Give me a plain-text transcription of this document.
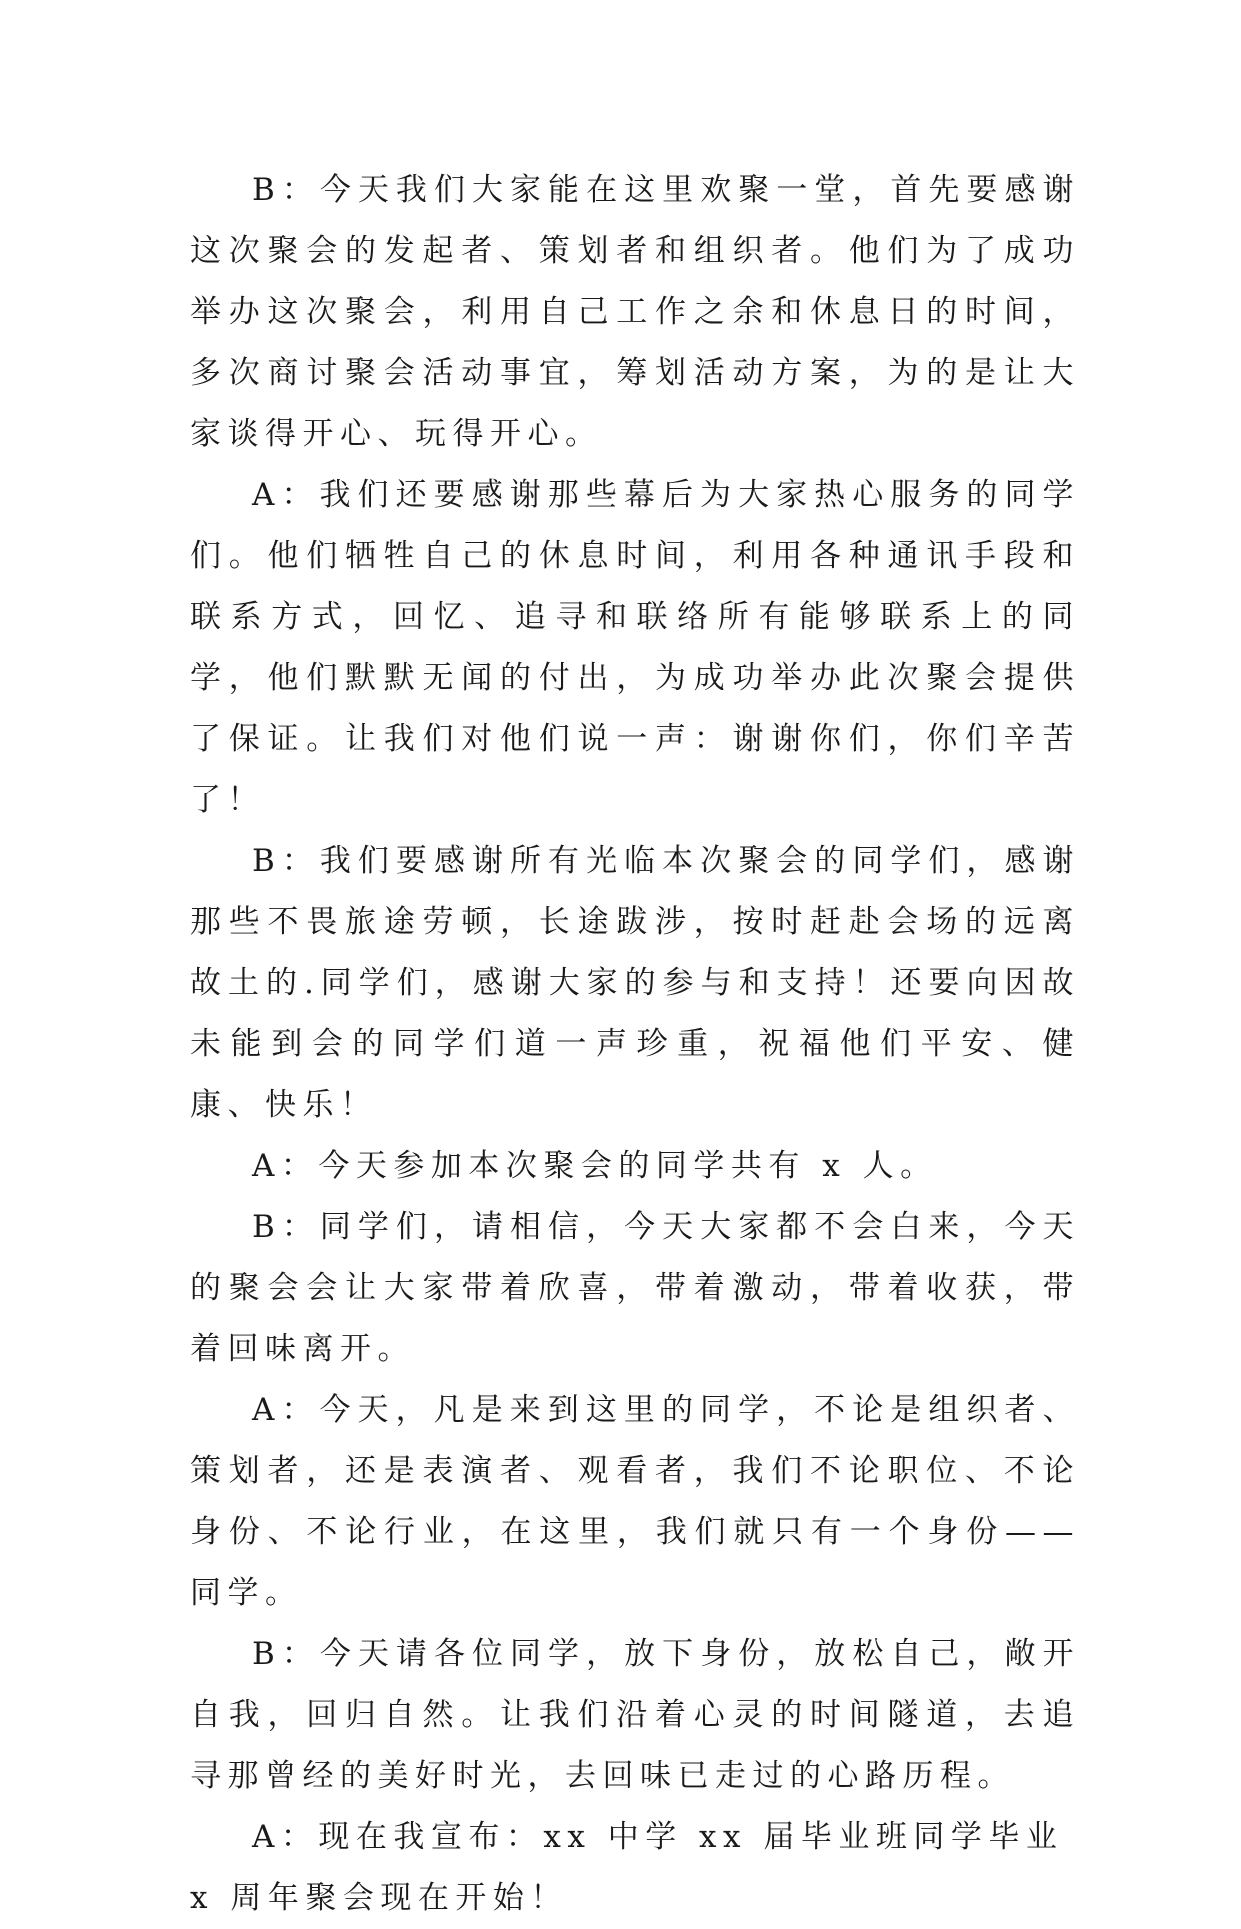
B：今天我们大家能在这里欢聚一堂，首先要感谢这次聚会的发起者、策划者和组织者。他们为了成功举办这次聚会，利用自己工作之余和休息日的时间，多次商讨聚会活动事宜，筹划活动方案，为的是让大家谈得开心、玩得开心。

A：我们还要感谢那些幕后为大家热心服务的同学们。他们牺牲自己的休息时间，利用各种通讯手段和联系方式，回忆、追寻和联络所有能够联系上的同学，他们默默无闻的付出，为成功举办此次聚会提供了保证。让我们对他们说一声：谢谢你们，你们辛苦了！

B：我们要感谢所有光临本次聚会的同学们，感谢那些不畏旅途劳顿，长途跋涉，按时赶赴会场的远离故土的.同学们，感谢大家的参与和支持！还要向因故未能到会的同学们道一声珍重，祝福他们平安、健康、快乐！

A：今天参加本次聚会的同学共有 x 人。

B：同学们，请相信，今天大家都不会白来，今天的聚会会让大家带着欣喜，带着激动，带着收获，带着回味离开。

A：今天，凡是来到这里的同学，不论是组织者、策划者，还是表演者、观看者，我们不论职位、不论身份、不论行业，在这里，我们就只有一个身份——同学。

B：今天请各位同学，放下身份，放松自己，敞开自我，回归自然。让我们沿着心灵的时间隧道，去追寻那曾经的美好时光，去回味已走过的心路历程。

A：现在我宣布：xx 中学 xx 届毕业班同学毕业 x 周年聚会现在开始！
